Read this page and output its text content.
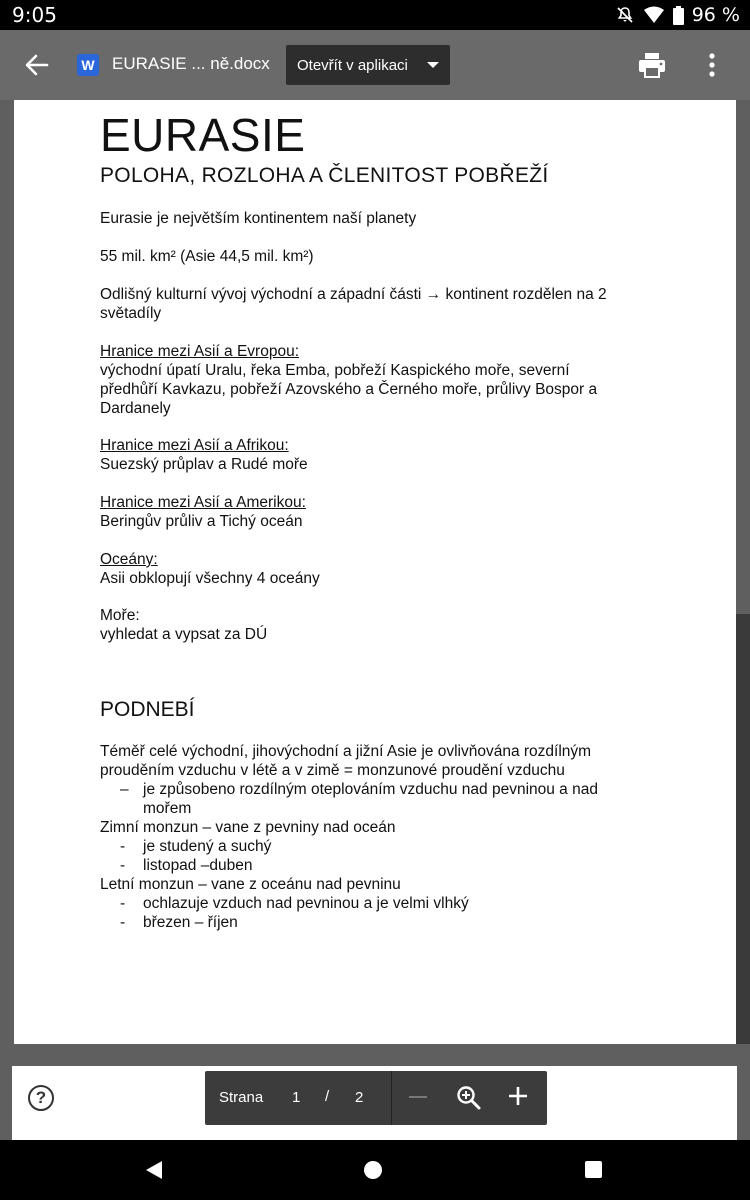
9:05	96 %
W EURASIE ... ně.docx Otevřít v aplikaci
EURASIE
POLOHA, ROZLOHA A ČLENITOST POBŘEŽÍ
Eurasie je největším kontinentem naší planety
55 mil. km² (Asie 44,5 mil. km²)
Odlišný kulturní vývoj východní a západní části → kontinent rozdělen na 2
světadíly
Hranice mezi Asií a Evropou:
východní úpatí Uralu, řeka Emba, pobřeží Kaspického moře, severní
předhůří Kavkazu, pobřeží Azovského a Černého moře, průlivy Bospor a
Dardanely
Hranice mezi Asií a Afrikou:
Suezský průplav a Rudé moře
Hranice mezi Asií a Amerikou:
Beringův průliv a Tichý oceán
Oceány:
Asii obklopují všechny 4 oceány
Moře:
vyhledat a vypsat za DÚ
PODNEBÍ
Téměř celé východní, jihovýchodní a jižní Asie je ovlivňována rozdílným
prouděním vzduchu v létě a v zimě = monzunové proudění vzduchu
– je způsobeno rozdílným oteplováním vzduchu nad pevninou a nad
mořem
Zimní monzun – vane z pevniny nad oceán
- je studený a suchý
- listopad –duben
Letní monzun – vane z oceánu nad pevninu
- ochlazuje vzduch nad pevninou a je velmi vlhký
- březen – říjen
?	Strana 1 / 2
